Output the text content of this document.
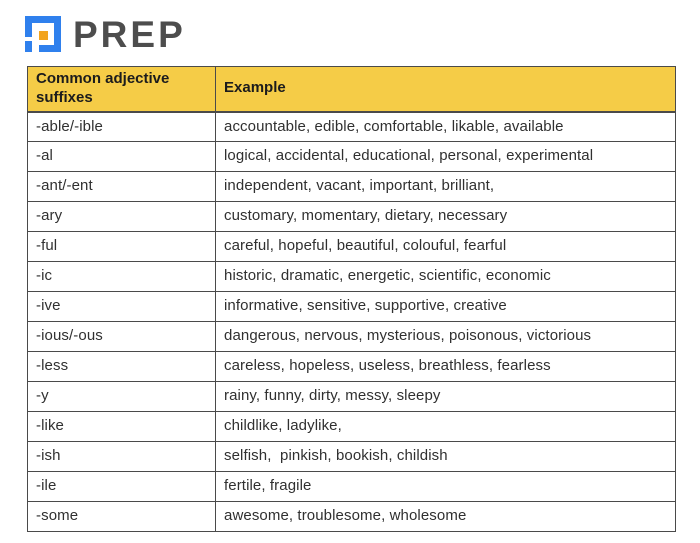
PREP
Common adjective suffixes	Example
-able/-ible	accountable, edible, comfortable, likable, available
-al	logical, accidental, educational, personal, experimental
-ant/-ent	independent, vacant, important, brilliant,
-ary	customary, momentary, dietary, necessary
-ful	careful, hopeful, beautiful, colouful, fearful
-ic	historic, dramatic, energetic, scientific, economic
-ive	informative, sensitive, supportive, creative
-ious/-ous	dangerous, nervous, mysterious, poisonous, victorious
-less	careless, hopeless, useless, breathless, fearless
-y	rainy, funny, dirty, messy, sleepy
-like	childlike, ladylike,
-ish	selfish,  pinkish, bookish, childish
-ile	fertile, fragile
-some	awesome, troublesome, wholesome
